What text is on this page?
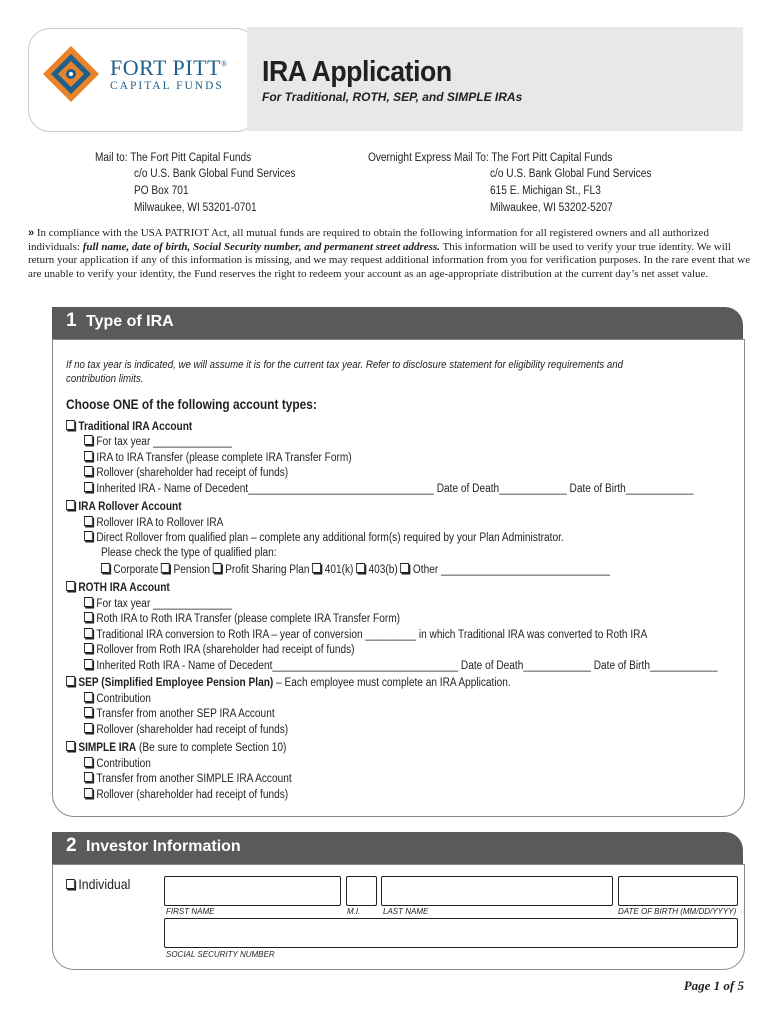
FORT PITT®
CAPITAL FUNDS IRA Application
For Traditional, ROTH, SEP, and SIMPLE IRAs
Mail to: The Fort Pitt Capital Funds
c/o U.S. Bank Global Fund Services
PO Box 701
Milwaukee, WI 53201-0701
Overnight Express Mail To: The Fort Pitt Capital Funds
c/o U.S. Bank Global Fund Services
615 E. Michigan St., FL3
Milwaukee, WI 53202-5207
» In compliance with the USA PATRIOT Act, all mutual funds are required to obtain the following information for all registered owners and all authorized individuals: full name, date of birth, Social Security number, and permanent street address. This information will be used to verify your true identity. We will return your application if any of this information is missing, and we may request additional information from you for verification purposes. In the rare event that we are unable to verify your identity, the Fund reserves the right to redeem your account as an age-appropriate distribution at the current day’s net asset value.
1 Type of IRA
If no tax year is indicated, we will assume it is for the current tax year. Refer to disclosure statement for eligibility requirements and contribution limits.
Choose ONE of the following account types:
Traditional IRA Account
For tax year ______________
IRA to IRA Transfer (please complete IRA Transfer Form)
Rollover (shareholder had receipt of funds)
Inherited IRA - Name of Decedent_________________________________ Date of Death____________ Date of Birth____________
IRA Rollover Account
Rollover IRA to Rollover IRA
Direct Rollover from qualified plan – complete any additional form(s) required by your Plan Administrator.
Please check the type of qualified plan:
Corporate Pension Profit Sharing Plan 401(k) 403(b) Other ______________________________
ROTH IRA Account
For tax year ______________
Roth IRA to Roth IRA Transfer (please complete IRA Transfer Form)
Traditional IRA conversion to Roth IRA – year of conversion _________ in which Traditional IRA was converted to Roth IRA
Rollover from Roth IRA (shareholder had receipt of funds)
Inherited Roth IRA - Name of Decedent_________________________________ Date of Death____________ Date of Birth____________
SEP (Simplified Employee Pension Plan) – Each employee must complete an IRA Application.
Contribution
Transfer from another SEP IRA Account
Rollover (shareholder had receipt of funds)
SIMPLE IRA (Be sure to complete Section 10)
Contribution
Transfer from another SIMPLE IRA Account
Rollover (shareholder had receipt of funds)
2 Investor Information
Individual
FIRST NAME	M.I.	LAST NAME	DATE OF BIRTH (MM/DD/YYYY)
SOCIAL SECURITY NUMBER
Page 1 of 5
